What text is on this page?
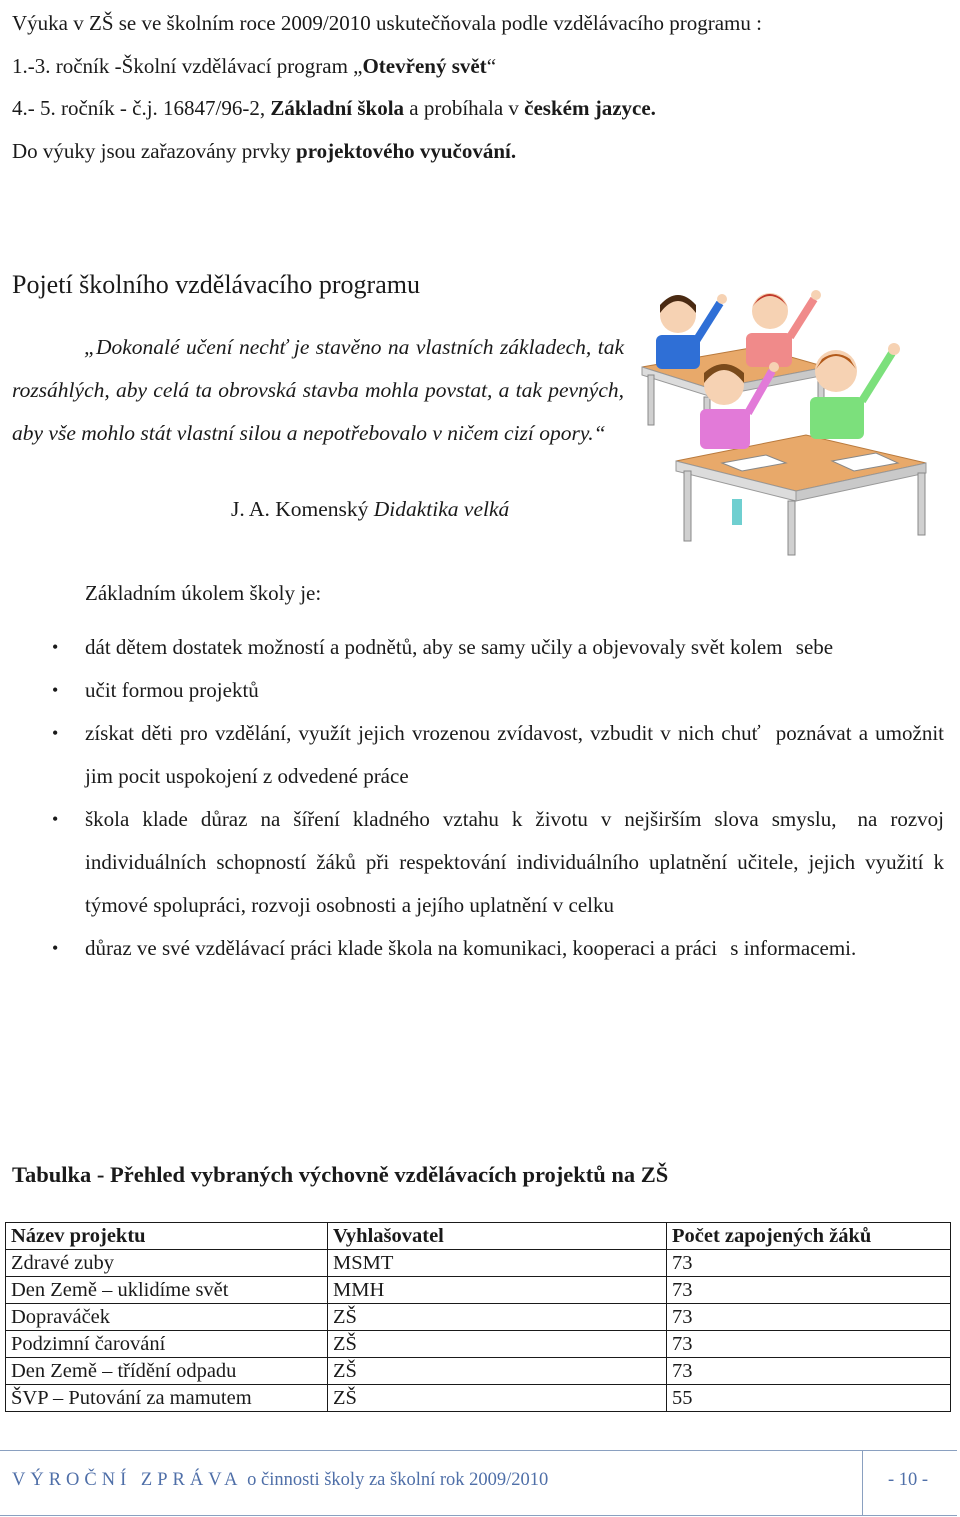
Výuka v ZŠ se ve školním roce 2009/2010 uskutečňovala podle vzdělávacího programu :

1.-3. ročník -Školní vzdělávací program „Otevřený svět“

4.- 5. ročník - č.j. 16847/96-2, Základní škola a probíhala v českém jazyce.

Do výuky jsou zařazovány prvky projektového vyučování.

Pojetí školního vzdělávacího programu

„Dokonalé učení nechť je stavěno na vlastních základech, tak rozsáhlých, aby celá ta obrovská stavba mohla povstat, a tak pevných, aby vše mohlo stát vlastní silou a nepotřebovalo v ničem cizí opory.“

J. A. Komenský Didaktika velká

Základním úkolem školy je:

• dát dětem dostatek možností a podnětů, aby se samy učily a objevovaly svět kolem sebe
• učit formou projektů
• získat děti pro vzdělání, využít jejich vrozenou zvídavost, vzbudit v nich chuť poznávat a umožnit jim pocit uspokojení z odvedené práce
• škola klade důraz na šíření kladného vztahu k životu v nejširším slova smyslu, na rozvoj individuálních schopností žáků při respektování individuálního uplatnění učitele, jejich využití k týmové spolupráci, rozvoji osobnosti a jejího uplatnění v celku
• důraz ve své vzdělávací práci klade škola na komunikaci, kooperaci a práci s informacemi.

Tabulka - Přehled vybraných výchovně vzdělávacích projektů na ZŠ

Název projektu	Vyhlašovatel	Počet zapojených žáků
Zdravé zuby	MSMT	73
Den Země – uklidíme svět	MMH	73
Dopraváček	ZŠ	73
Podzimní čarování	ZŠ	73
Den Země – třídění odpadu	ZŠ	73
ŠVP – Putování za mamutem	ZŠ	55
VÝROČNÍ ZPRÁVA o činnosti školy za školní rok 2009/2010	- 10 -
